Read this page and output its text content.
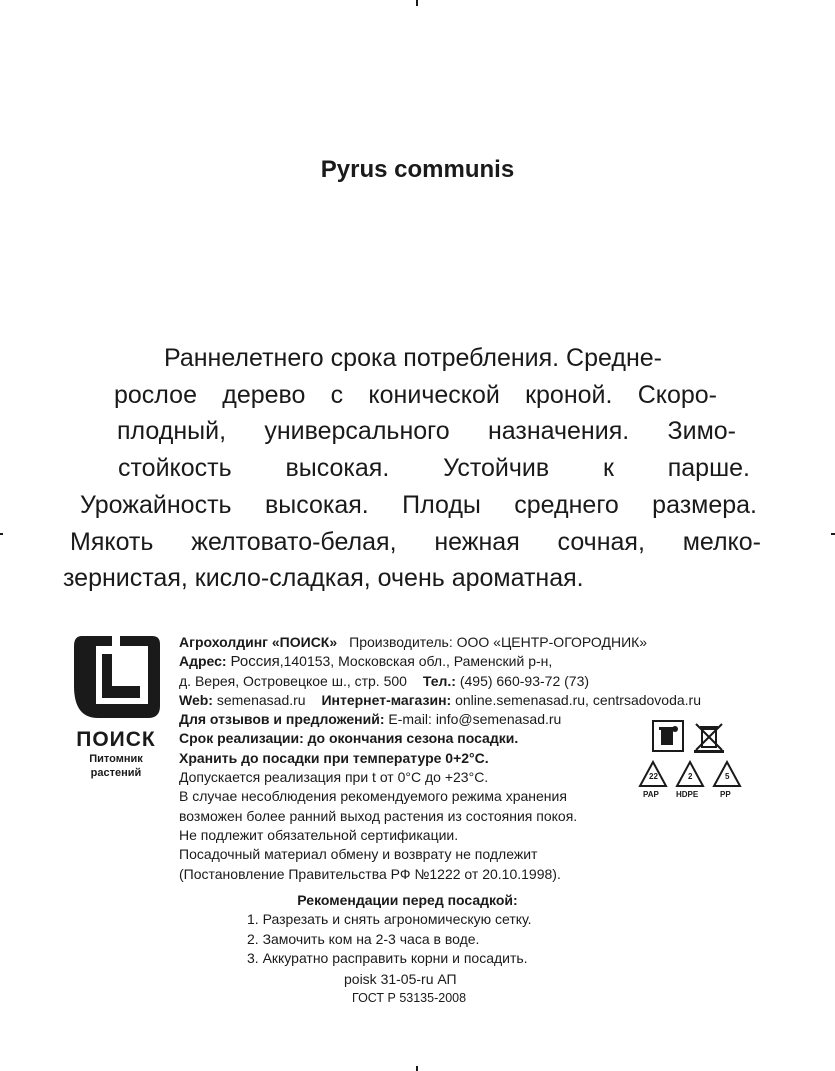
Pyrus communis
Раннелетнего срока потребления. Средне-
рослое дерево с конической кроной. Скоро-
плодный, универсального назначения. Зимо-
стойкость высокая. Устойчив к парше.
Урожайность высокая. Плоды среднего размера.
Мякоть желтовато-белая, нежная сочная, мелко-
зернистая, кисло-сладкая, очень ароматная.
ПОИСК
Питомник
растений
Агрохолдинг «ПОИСК» Производитель: ООО «ЦЕНТР-ОГОРОДНИК»
Адрес: Россия,140153, Московская обл., Раменский р-н,
д. Верея, Островецкое ш., стр. 500 Тел.: (495) 660-93-72 (73)
Web: semenasad.ru Интернет-магазин: online.semenasad.ru, centrsadovoda.ru
Для отзывов и предложений: E-mail: info@semenasad.ru
Срок реализации: до окончания сезона посадки.
Хранить до посадки при температуре 0+2°С.
Допускается реализация при t от 0°С до +23°С.
В случае несоблюдения рекомендуемого режима хранения
возможен более ранний выход растения из состояния покоя.
Не подлежит обязательной сертификации.
Посадочный материал обмену и возврату не подлежит
(Постановление Правительства РФ №1222 от 20.10.1998).
22	2	5
PAP HDPE	PP
Рекомендации перед посадкой:
1. Разрезать и снять агрономическую сетку.
2. Замочить ком на 2-3 часа в воде.
3. Аккуратно расправить корни и посадить.
poisk 31-05-ru АП
ГОСТ Р 53135-2008
